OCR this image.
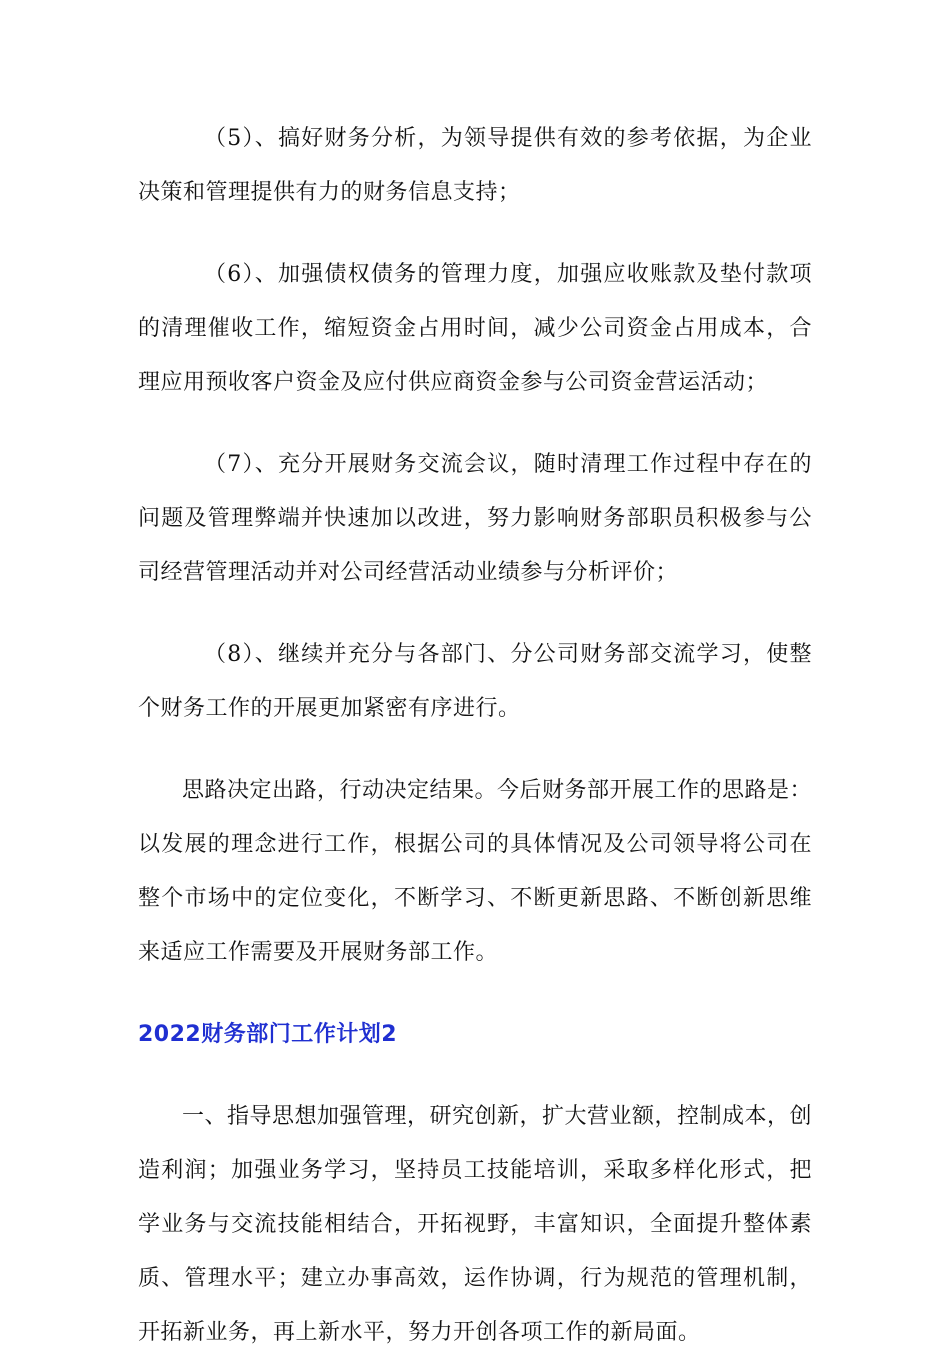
（5）、搞好财务分析，为领导提供有效的参考依据，为企业决策和管理提供有力的财务信息支持；

（6）、加强债权债务的管理力度，加强应收账款及垫付款项的清理催收工作，缩短资金占用时间，减少公司资金占用成本，合理应用预收客户资金及应付供应商资金参与公司资金营运活动；

（7）、充分开展财务交流会议，随时清理工作过程中存在的问题及管理弊端并快速加以改进，努力影响财务部职员积极参与公司经营管理活动并对公司经营活动业绩参与分析评价；

（8）、继续并充分与各部门、分公司财务部交流学习，使整个财务工作的开展更加紧密有序进行。

思路决定出路，行动决定结果。今后财务部开展工作的思路是：以发展的理念进行工作，根据公司的具体情况及公司领导将公司在整个市场中的定位变化，不断学习、不断更新思路、不断创新思维来适应工作需要及开展财务部工作。

2022财务部门工作计划2

一、指导思想加强管理，研究创新，扩大营业额，控制成本，创造利润；加强业务学习，坚持员工技能培训，采取多样化形式，把学业务与交流技能相结合，开拓视野，丰富知识，全面提升整体素质、管理水平；建立办事高效，运作协调，行为规范的管理机制，开拓新业务，再上新水平，努力开创各项工作的新局面。
